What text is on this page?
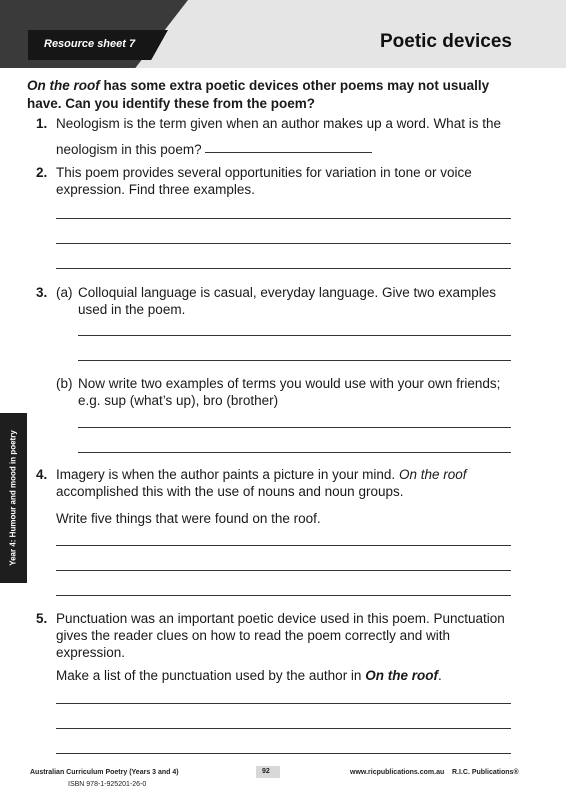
Resource sheet 7	Poetic devices
Year 4: Humour and mood in poetry
On the roof has some extra poetic devices other poems may not usually have. Can you identify these from the poem?
1. Neologism is the term given when an author makes up a word. What is the
neologism in this poem?
2. This poem provides several opportunities for variation in tone or voice expression. Find three examples.
3. (a) Colloquial language is casual, everyday language. Give two examples used in the poem.
(b) Now write two examples of terms you would use with your own friends; e.g. sup (what’s up), bro (brother)
4. Imagery is when the author paints a picture in your mind. On the roof accomplished this with the use of nouns and noun groups.
Write five things that were found on the roof.
5. Punctuation was an important poetic device used in this poem. Punctuation gives the reader clues on how to read the poem correctly and with expression.
Make a list of the punctuation used by the author in On the roof.
Australian Curriculum Poetry (Years 3 and 4)
ISBN 978-1-925201-26-0
92	www.ricpublications.com.au R.I.C. Publications®
